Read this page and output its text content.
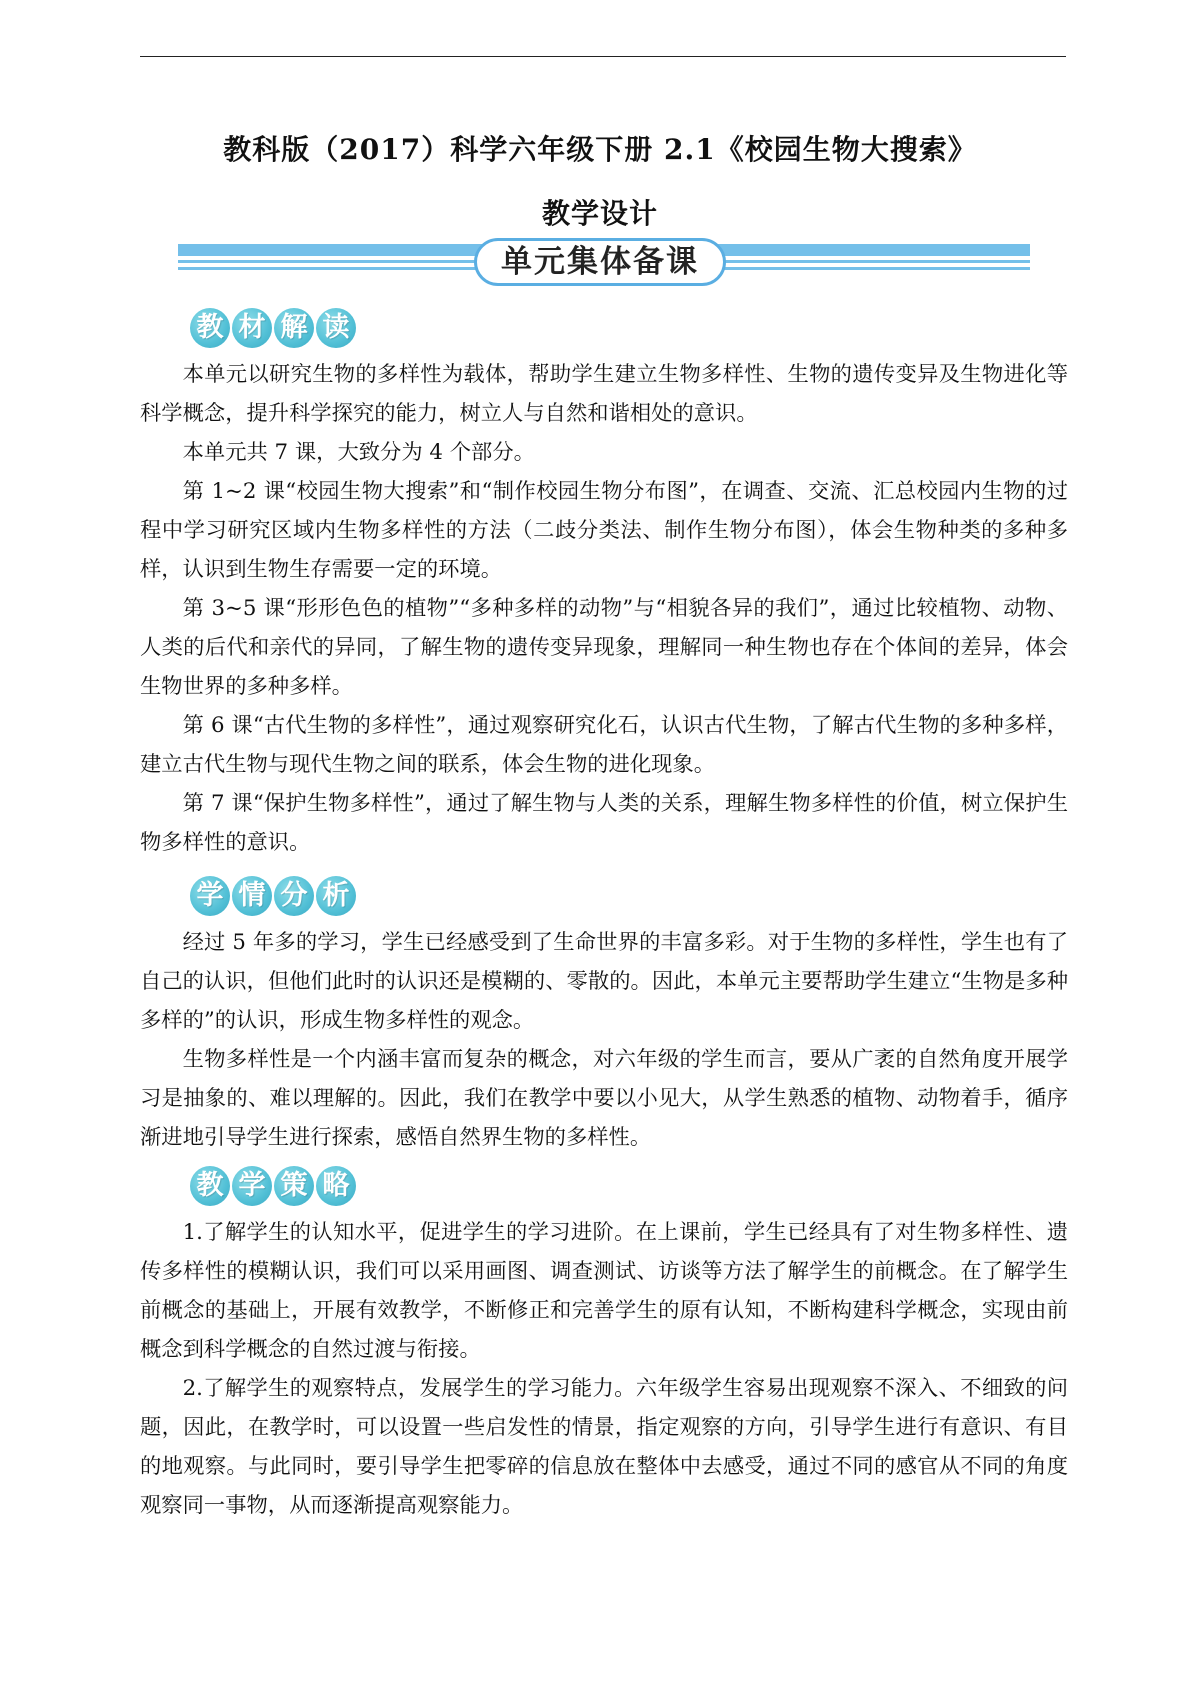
教科版（2017）科学六年级下册 2.1《校园生物大搜索》
教学设计
单元集体备课
教 材 解 读

本单元以研究生物的多样性为载体，帮助学生建立生物多样性、生物的遗传变异及生物进化等科学概念，提升科学探究的能力，树立人与自然和谐相处的意识。

本单元共 7 课，大致分为 4 个部分。

第 1~2 课“校园生物大搜索”和“制作校园生物分布图”，在调查、交流、汇总校园内生物的过程中学习研究区域内生物多样性的方法（二歧分类法、制作生物分布图），体会生物种类的多种多样，认识到生物生存需要一定的环境。

第 3~5 课“形形色色的植物”“多种多样的动物”与“相貌各异的我们”，通过比较植物、动物、人类的后代和亲代的异同，了解生物的遗传变异现象，理解同一种生物也存在个体间的差异，体会生物世界的多种多样。

第 6 课“古代生物的多样性”，通过观察研究化石，认识古代生物，了解古代生物的多种多样，建立古代生物与现代生物之间的联系，体会生物的进化现象。

第 7 课“保护生物多样性”，通过了解生物与人类的关系，理解生物多样性的价值，树立保护生物多样性的意识。

学 情 分 析

经过 5 年多的学习，学生已经感受到了生命世界的丰富多彩。对于生物的多样性，学生也有了自己的认识，但他们此时的认识还是模糊的、零散的。因此，本单元主要帮助学生建立“生物是多种多样的”的认识，形成生物多样性的观念。

生物多样性是一个内涵丰富而复杂的概念，对六年级的学生而言，要从广袤的自然角度开展学习是抽象的、难以理解的。因此，我们在教学中要以小见大，从学生熟悉的植物、动物着手，循序渐进地引导学生进行探索，感悟自然界生物的多样性。

教 学 策 略

1.了解学生的认知水平，促进学生的学习进阶。在上课前，学生已经具有了对生物多样性、遗传多样性的模糊认识，我们可以采用画图、调查测试、访谈等方法了解学生的前概念。在了解学生前概念的基础上，开展有效教学，不断修正和完善学生的原有认知，不断构建科学概念，实现由前概念到科学概念的自然过渡与衔接。

2.了解学生的观察特点，发展学生的学习能力。六年级学生容易出现观察不深入、不细致的问题，因此，在教学时，可以设置一些启发性的情景，指定观察的方向，引导学生进行有意识、有目的地观察。与此同时，要引导学生把零碎的信息放在整体中去感受，通过不同的感官从不同的角度观察同一事物，从而逐渐提高观察能力。
